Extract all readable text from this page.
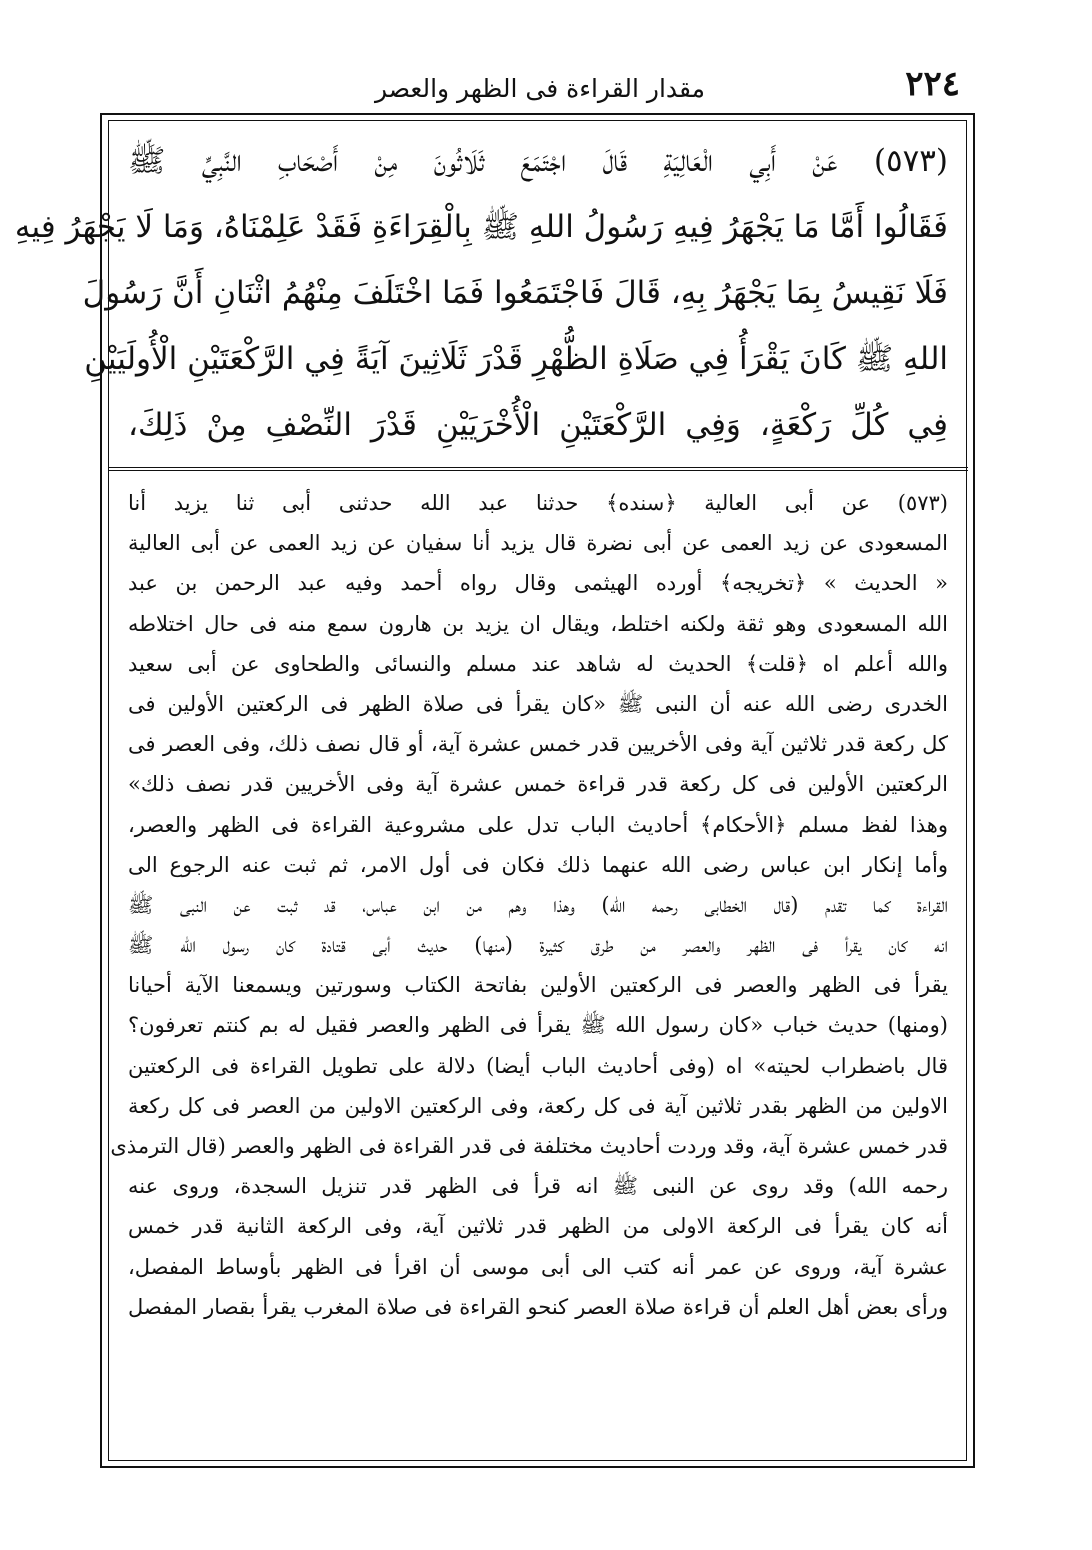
٢٢٤
مقدار القراءة فى الظهر والعصر
(٥٧٣) عَنْ أَبِي الْعَالِيَةِ قَالَ اجْتَمَعَ ثَلَاثُونَ مِنْ أَصْحَابِ النَّبِيِّ ﷺ
فَقَالُوا أَمَّا مَا يَجْهَرُ فِيهِ رَسُولُ اللهِ ﷺ بِالْقِرَاءَةِ فَقَدْ عَلِمْنَاهُ، وَمَا لَا يَجْهَرُ فِيهِ
فَلَا نَقِيسُ بِمَا يَجْهَرُ بِهِ، قَالَ فَاجْتَمَعُوا فَمَا اخْتَلَفَ مِنْهُمُ اثْنَانِ أَنَّ رَسُولَ
اللهِ ﷺ كَانَ يَقْرَأُ فِي صَلَاةِ الظُّهْرِ قَدْرَ ثَلَاثِينَ آيَةً فِي الرَّكْعَتَيْنِ الْأُولَيَيْنِ
فِي كُلِّ رَكْعَةٍ، وَفِي الرَّكْعَتَيْنِ الْأُخْرَيَيْنِ قَدْرَ النِّصْفِ مِنْ ذَلِكَ،
(٥٧٣) عن أبى العالية ﴿سنده﴾ حدثنا عبد الله حدثنى أبى ثنا يزيد أنا
المسعودى عن زيد العمى عن أبى نضرة قال يزيد أنا سفيان عن زيد العمى عن أبى العالية
« الحديث » ﴿تخريجه﴾ أورده الهيثمى وقال رواه أحمد وفيه عبد الرحمن بن عبد
الله المسعودى وهو ثقة ولكنه اختلط، ويقال ان يزيد بن هارون سمع منه فى حال اختلاطه
والله أعلم اه ﴿قلت﴾ الحديث له شاهد عند مسلم والنسائى والطحاوى عن أبى سعيد
الخدرى رضى الله عنه أن النبى ﷺ «كان يقرأ فى صلاة الظهر فى الركعتين الأولين فى
كل ركعة قدر ثلاثين آية وفى الأخريين قدر خمس عشرة آية، أو قال نصف ذلك، وفى العصر فى
الركعتين الأولين فى كل ركعة قدر قراءة خمس عشرة آية وفى الأخريين قدر نصف ذلك»
وهذا لفظ مسلم ﴿الأحكام﴾ أحاديث الباب تدل على مشروعية القراءة فى الظهر والعصر،
وأما إنكار ابن عباس رضى الله عنهما ذلك فكان فى أول الامر، ثم ثبت عنه الرجوع الى
القراءة كما تقدم (قال الخطابى رحمه الله) وهذا وهم من ابن عباس، قد ثبت عن النبى ﷺ
انه كان يقرأ فى الظهر والعصر من طرق كثيرة (منها) حديث أبى قتادة كان رسول الله ﷺ
يقرأ فى الظهر والعصر فى الركعتين الأولين بفاتحة الكتاب وسورتين ويسمعنا الآية أحيانا
(ومنها) حديث خباب «كان رسول الله ﷺ يقرأ فى الظهر والعصر فقيل له بم كنتم تعرفون؟
قال باضطراب لحيته» اه (وفى أحاديث الباب أيضا) دلالة على تطويل القراءة فى الركعتين
الاولين من الظهر بقدر ثلاثين آية فى كل ركعة، وفى الركعتين الاولين من العصر فى كل ركعة
قدر خمس عشرة آية، وقد وردت أحاديث مختلفة فى قدر القراءة فى الظهر والعصر (قال الترمذى
رحمه الله) وقد روى عن النبى ﷺ انه قرأ فى الظهر قدر تنزيل السجدة، وروى عنه
أنه كان يقرأ فى الركعة الاولى من الظهر قدر ثلاثين آية، وفى الركعة الثانية قدر خمس
عشرة آية، وروى عن عمر أنه كتب الى أبى موسى أن اقرأ فى الظهر بأوساط المفصل،
ورأى بعض أهل العلم أن قراءة صلاة العصر كنحو القراءة فى صلاة المغرب يقرأ بقصار المفصل
